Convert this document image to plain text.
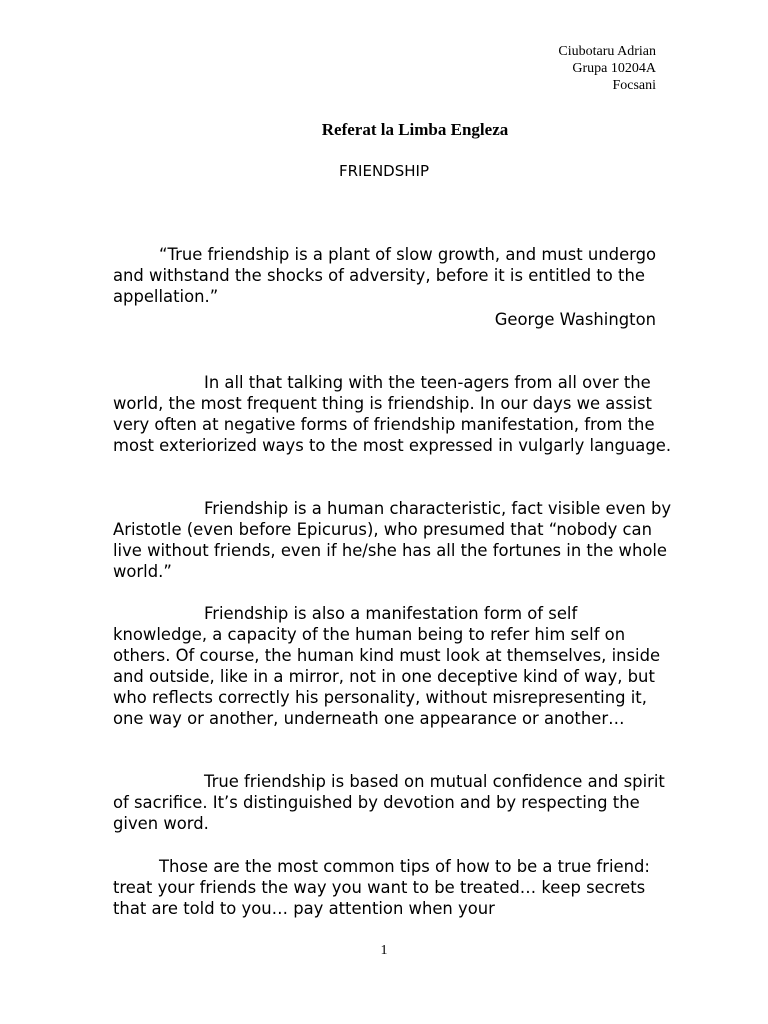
Ciubotaru Adrian
Grupa 10204A
Focsani
Referat la Limba Engleza
FRIENDSHIP

“True friendship is a plant of slow growth, and must undergo and withstand the shocks of adversity, before it is entitled to the appellation.”

George Washington

In all that talking with the teen-agers from all over the world, the most frequent thing is friendship. In our days we assist very often at negative forms of friendship manifestation, from the most exteriorized ways to the most expressed in vulgarly language.

Friendship is a human characteristic, fact visible even by Aristotle (even before Epicurus), who presumed that “nobody can live without friends, even if he/she has all the fortunes in the whole world.”

Friendship is also a manifestation form of self knowledge, a capacity of the human being to refer him self on others. Of course, the human kind must look at themselves, inside and outside, like in a mirror, not in one deceptive kind of way, but who reflects correctly his personality, without misrepresenting it, one way or another, underneath one appearance or another…

True friendship is based on mutual confidence and spirit of sacrifice. It’s distinguished by devotion and by respecting the given word.

Those are the most common tips of how to be a true friend: treat your friends the way you want to be treated… keep secrets that are told to you… pay attention when your

1
